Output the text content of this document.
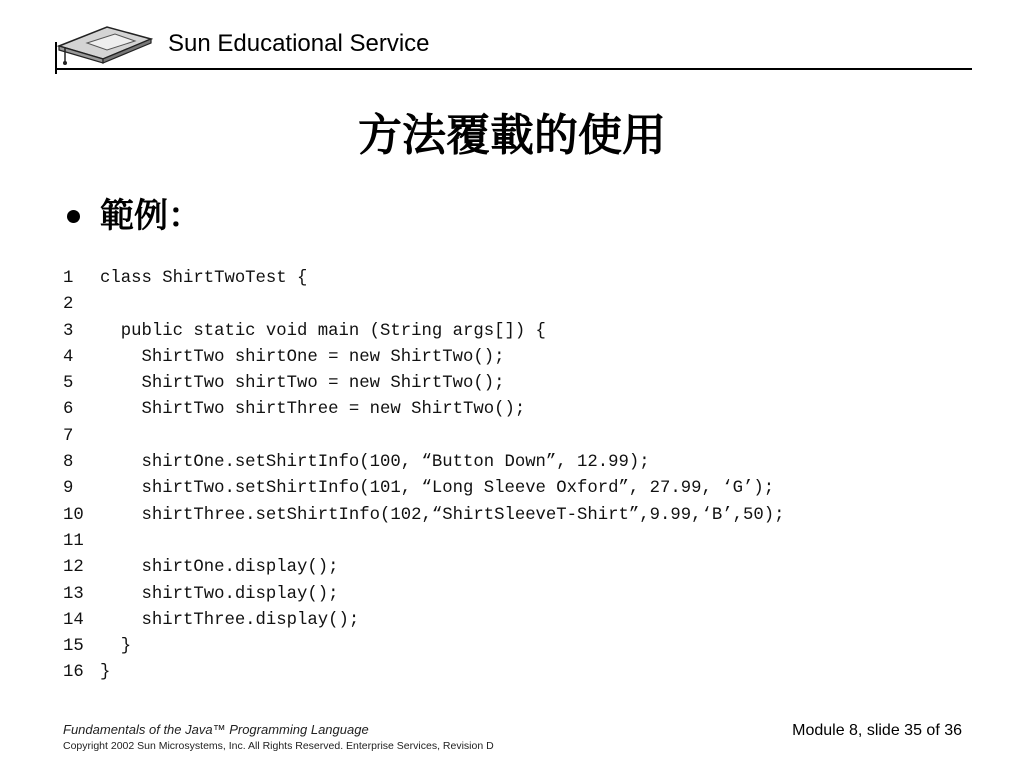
Sun Educational Service
方法覆載的使用
範例：
1 class ShirtTwoTest {
2
3  public static void main (String args[]) {
4    ShirtTwo shirtOne = new ShirtTwo();
5    ShirtTwo shirtTwo = new ShirtTwo();
6    ShirtTwo shirtThree = new ShirtTwo();
7
8    shirtOne.setShirtInfo(100, “Button Down”, 12.99);
9    shirtTwo.setShirtInfo(101, “Long Sleeve Oxford”, 27.99, ‘G’);
10    shirtThree.setShirtInfo(102,“ShirtSleeveT-Shirt”,9.99,‘B’,50);
11
12    shirtOne.display();
13    shirtTwo.display();
14    shirtThree.display();
15  }
16 }
Fundamentals of the Java™ Programming Language
Copyright 2002 Sun Microsystems, Inc. All Rights Reserved. Enterprise Services, Revision D
Module 8, slide 35 of 36
